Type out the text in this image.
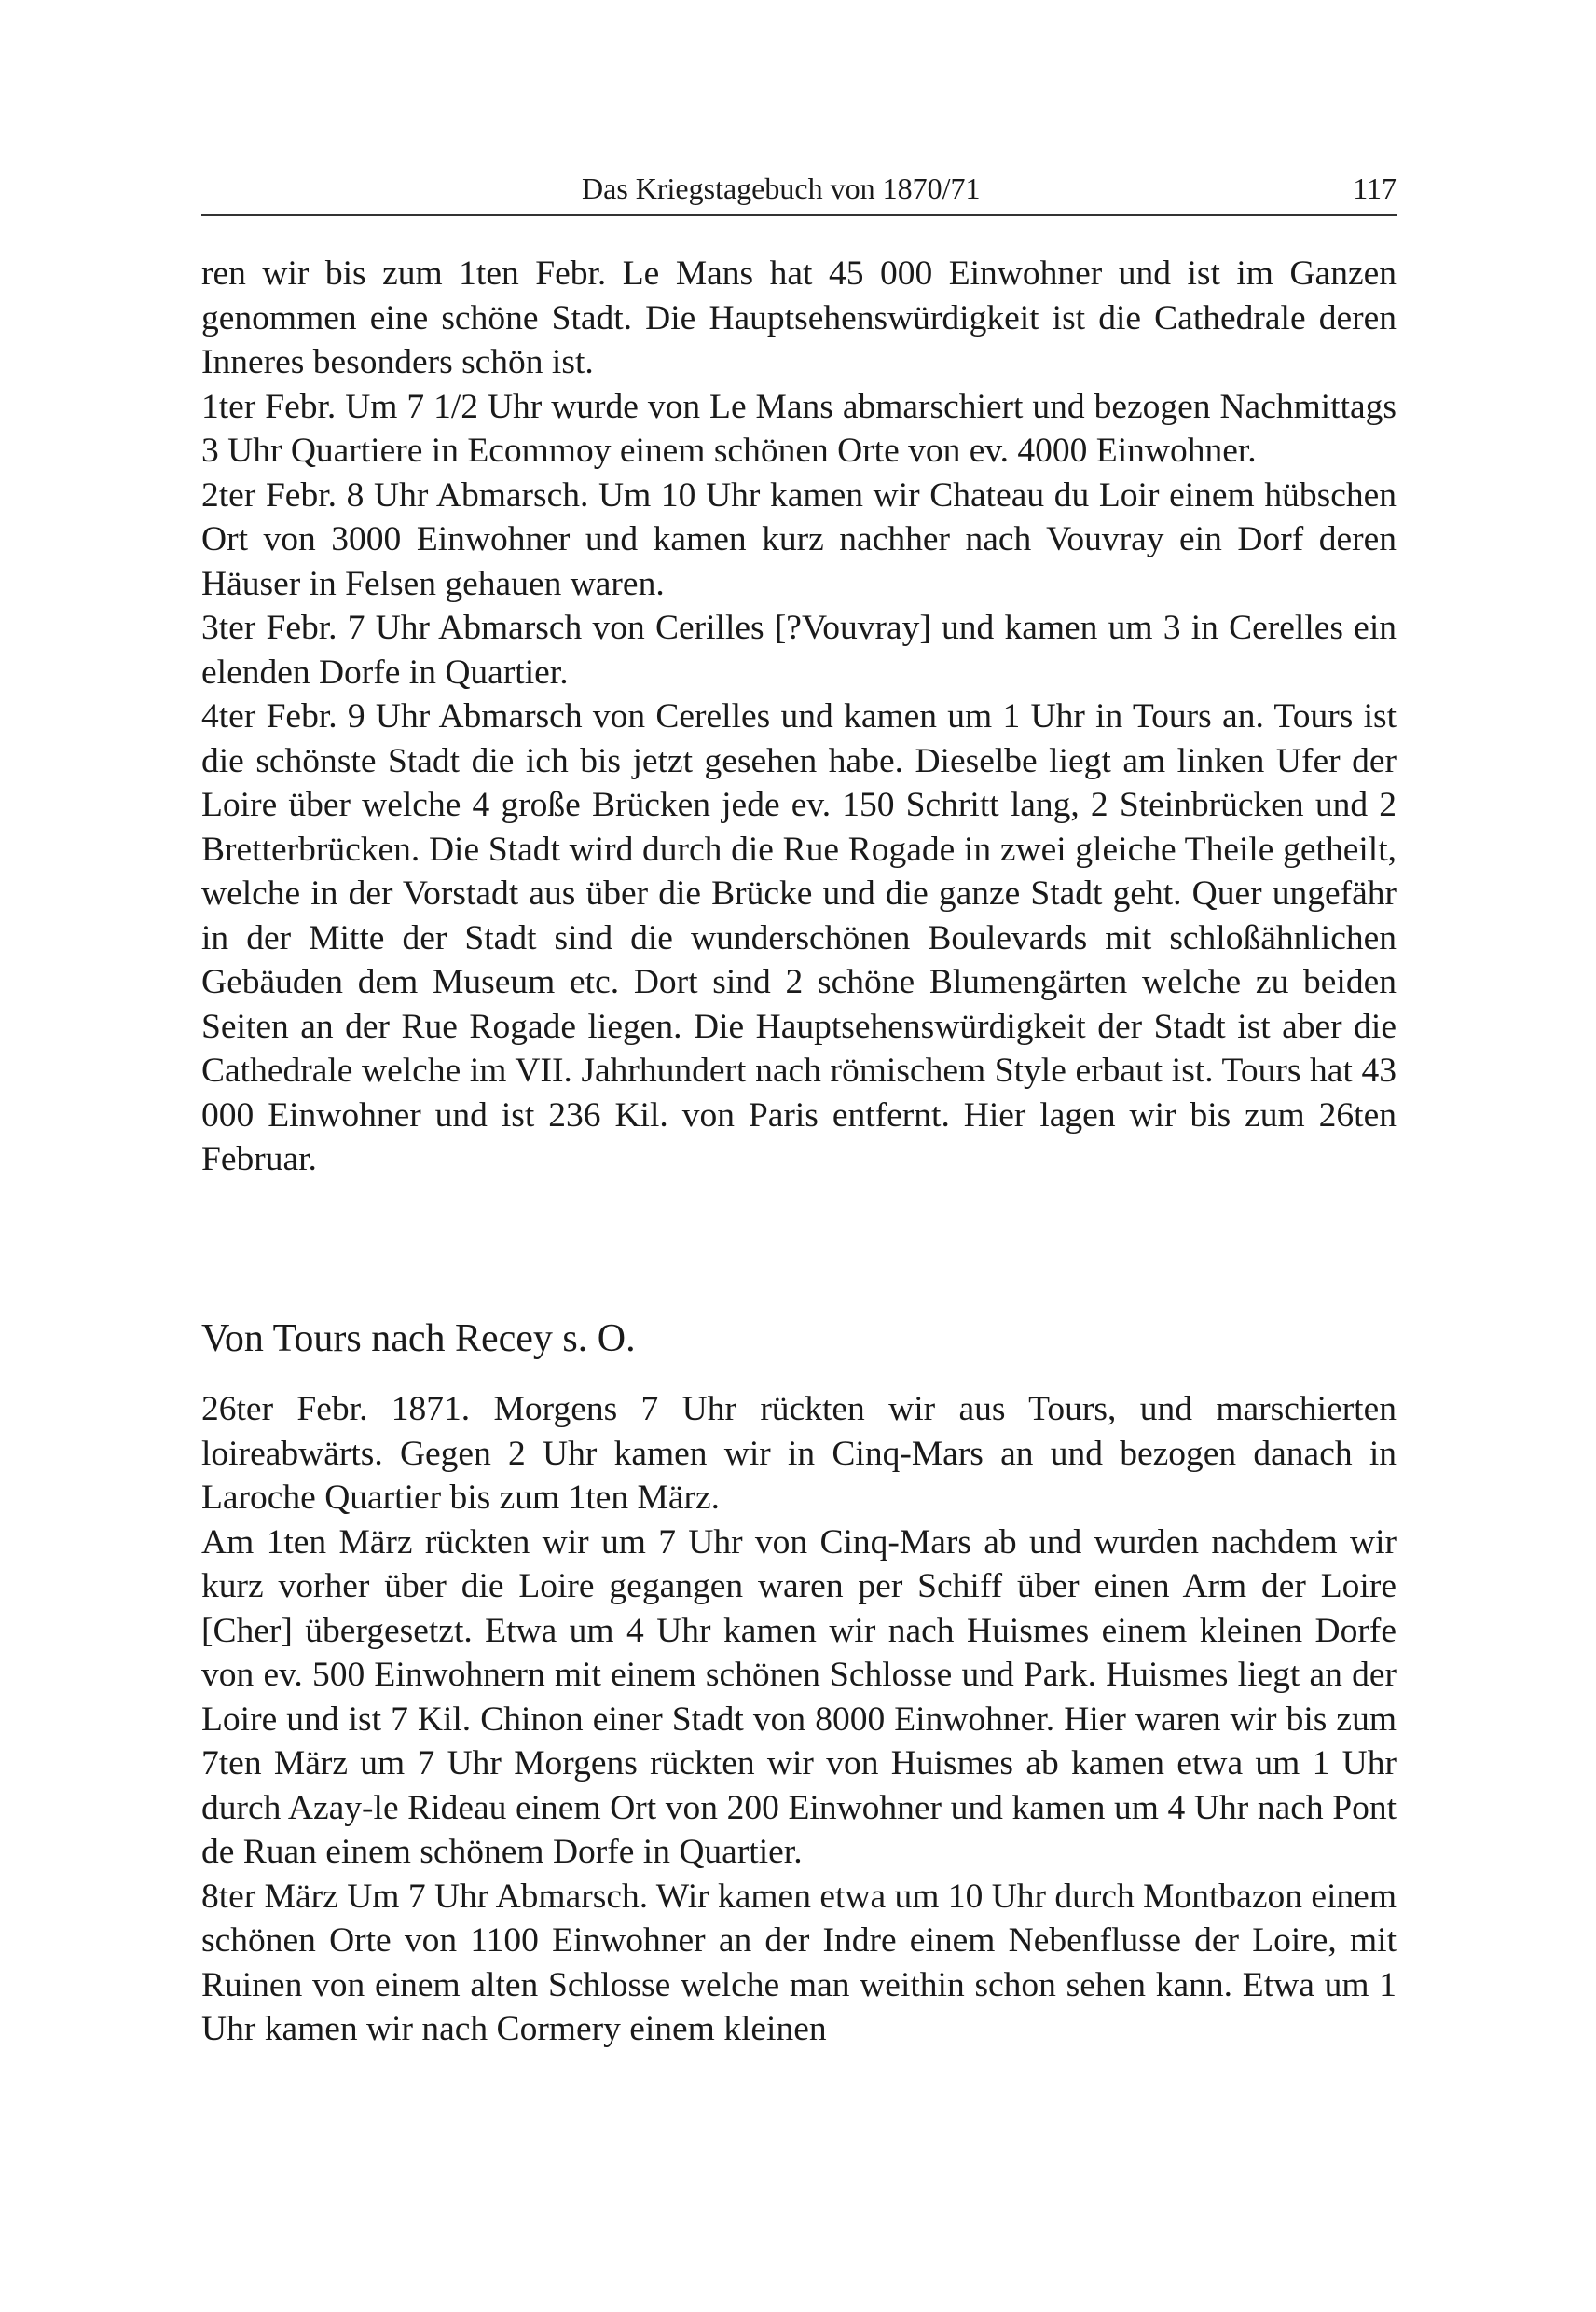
Das Kriegstagebuch von 1870/71	117

ren wir bis zum 1ten Febr. Le Mans hat 45 000 Einwohner und ist im Ganzen genommen eine schöne Stadt. Die Hauptsehenswürdigkeit ist die Cathedrale deren Inneres besonders schön ist.

1ter Febr. Um 7 1/2 Uhr wurde von Le Mans abmarschiert und bezogen Nachmittags 3 Uhr Quartiere in Ecommoy einem schönen Orte von ev. 4000 Einwohner.

2ter Febr. 8 Uhr Abmarsch. Um 10 Uhr kamen wir Chateau du Loir einem hübschen Ort von 3000 Einwohner und kamen kurz nachher nach Vouvray ein Dorf deren Häuser in Felsen gehauen waren.

3ter Febr. 7 Uhr Abmarsch von Cerilles [?Vouvray] und kamen um 3 in Cerelles ein elenden Dorfe in Quartier.

4ter Febr. 9 Uhr Abmarsch von Cerelles und kamen um 1 Uhr in Tours an. Tours ist die schönste Stadt die ich bis jetzt gesehen habe. Dieselbe liegt am linken Ufer der Loire über welche 4 große Brücken jede ev. 150 Schritt lang, 2 Steinbrücken und 2 Bretterbrücken. Die Stadt wird durch die Rue Rogade in zwei gleiche Theile getheilt, welche in der Vorstadt aus über die Brücke und die ganze Stadt geht. Quer ungefähr in der Mitte der Stadt sind die wunderschönen Boulevards mit schloßähnlichen Gebäuden dem Museum etc. Dort sind 2 schöne Blumengärten welche zu beiden Seiten an der Rue Rogade liegen. Die Hauptsehenswürdigkeit der Stadt ist aber die Cathedrale welche im VII. Jahrhundert nach römischem Style erbaut ist. Tours hat 43 000 Einwohner und ist 236 Kil. von Paris entfernt. Hier lagen wir bis zum 26ten Februar.

Von Tours nach Recey s. O.

26ter Febr. 1871. Morgens 7 Uhr rückten wir aus Tours, und marschierten loireabwärts. Gegen 2 Uhr kamen wir in Cinq-Mars an und bezogen danach in Laroche Quartier bis zum 1ten März.

Am 1ten März rückten wir um 7 Uhr von Cinq-Mars ab und wurden nachdem wir kurz vorher über die Loire gegangen waren per Schiff über einen Arm der Loire [Cher] übergesetzt. Etwa um 4 Uhr kamen wir nach Huismes einem kleinen Dorfe von ev. 500 Einwohnern mit einem schönen Schlosse und Park. Huismes liegt an der Loire und ist 7 Kil. Chinon einer Stadt von 8000 Einwohner. Hier waren wir bis zum 7ten März um 7 Uhr Morgens rückten wir von Huismes ab kamen etwa um 1 Uhr durch Azay-le Rideau einem Ort von 200 Einwohner und kamen um 4 Uhr nach Pont de Ruan einem schönem Dorfe in Quartier.

8ter März Um 7 Uhr Abmarsch. Wir kamen etwa um 10 Uhr durch Montbazon einem schönen Orte von 1100 Einwohner an der Indre einem Nebenflusse der Loire, mit Ruinen von einem alten Schlosse welche man weithin schon sehen kann. Etwa um 1 Uhr kamen wir nach Cormery einem kleinen
